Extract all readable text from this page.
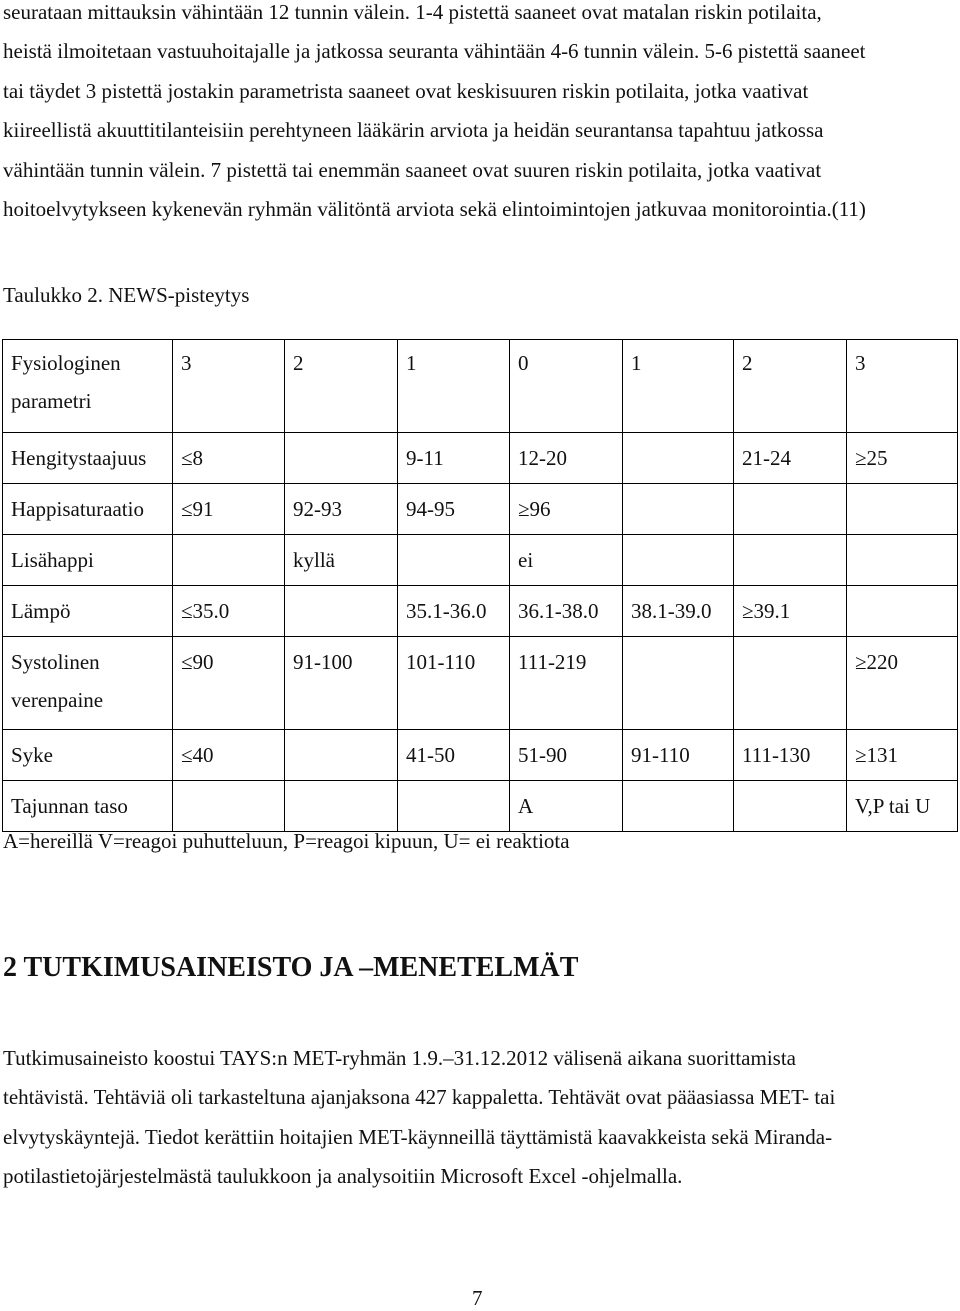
seurataan mittauksin vähintään 12 tunnin välein. 1-4 pistettä saaneet ovat matalan riskin potilaita,
heistä ilmoitetaan vastuuhoitajalle ja jatkossa seuranta vähintään 4-6 tunnin välein. 5-6 pistettä saaneet
tai täydet 3 pistettä jostakin parametrista saaneet ovat keskisuuren riskin potilaita, jotka vaativat
kiireellistä akuuttitilanteisiin perehtyneen lääkärin arviota ja heidän seurantansa tapahtuu jatkossa
vähintään tunnin välein. 7 pistettä tai enemmän saaneet ovat suuren riskin potilaita, jotka vaativat
hoitoelvytykseen kykenevän ryhmän välitöntä arviota sekä elintoimintojen jatkuvaa monitorointia.(11)
Taulukko 2. NEWS-pisteytys
Fysiologinen
parametri	3	2	1	0	1	2	3
Hengitystaajuus	≤8		9-11	12-20		21-24	≥25
Happisaturaatio	≤91	92-93	94-95	≥96			
Lisähappi		kyllä		ei			
Lämpö	≤35.0		35.1-36.0	36.1-38.0	38.1-39.0	≥39.1	
Systolinen
verenpaine	≤90	91-100	101-110	111-219			≥220
Syke	≤40		41-50	51-90	91-110	111-130	≥131
Tajunnan taso				A			V,P tai U
A=hereillä V=reagoi puhutteluun, P=reagoi kipuun, U= ei reaktiota
2 TUTKIMUSAINEISTO JA –MENETELMÄT
Tutkimusaineisto koostui TAYS:n MET-ryhmän 1.9.–31.12.2012 välisenä aikana suorittamista
tehtävistä. Tehtäviä oli tarkasteltuna ajanjaksona 427 kappaletta. Tehtävät ovat pääasiassa MET- tai
elvytyskäyntejä. Tiedot kerättiin hoitajien MET-käynneillä täyttämistä kaavakkeista sekä Miranda-
potilastietojärjestelmästä taulukkoon ja analysoitiin Microsoft Excel -ohjelmalla.
7
